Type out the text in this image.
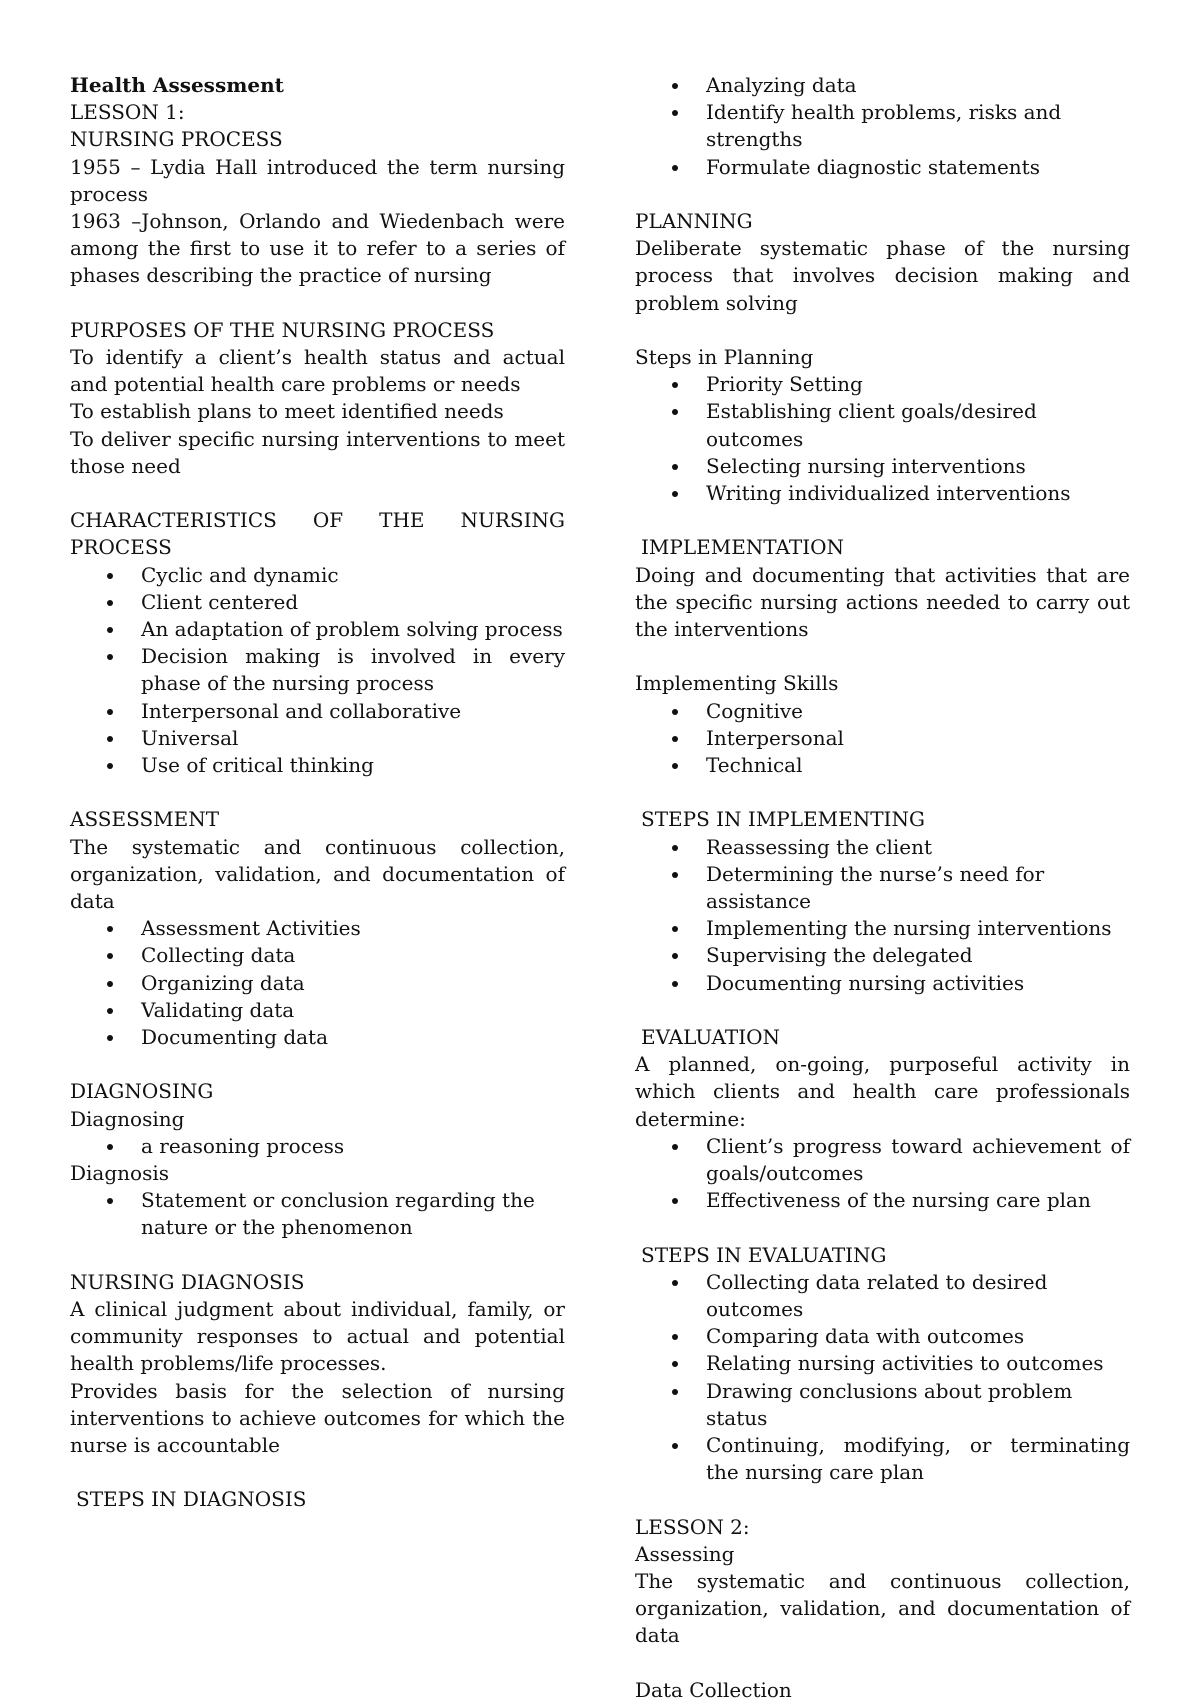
Health Assessment

LESSON 1:

NURSING PROCESS

1955 – Lydia Hall introduced the term nursing process

1963 –Johnson, Orlando and Wiedenbach were among the first to use it to refer to a series of phases describing the practice of nursing

PURPOSES OF THE NURSING PROCESS

To identify a client’s health status and actual and potential health care problems or needs

To establish plans to meet identified needs

To deliver specific nursing interventions to meet those need

CHARACTERISTICS OF THE NURSING PROCESS

Cyclic and dynamic
Client centered
An adaptation of problem solving process
Decision making is involved in every phase of the nursing process
Interpersonal and collaborative
Universal
Use of critical thinking

ASSESSMENT

The systematic and continuous collection, organization, validation, and documentation of data

Assessment Activities
Collecting data
Organizing data
Validating data
Documenting data

DIAGNOSING

Diagnosing

a reasoning process

Diagnosis

Statement or conclusion regarding the nature or the phenomenon

NURSING DIAGNOSIS

A clinical judgment about individual, family, or community responses to actual and potential health problems/life processes.

Provides basis for the selection of nursing interventions to achieve outcomes for which the nurse is accountable

STEPS IN DIAGNOSIS

Analyzing data
Identify health problems, risks and strengths
Formulate diagnostic statements

PLANNING

Deliberate systematic phase of the nursing process that involves decision making and problem solving

Steps in Planning

Priority Setting
Establishing client goals/desired outcomes
Selecting nursing interventions
Writing individualized interventions

IMPLEMENTATION

Doing and documenting that activities that are the specific nursing actions needed to carry out the interventions

Implementing Skills

Cognitive
Interpersonal
Technical

STEPS IN IMPLEMENTING

Reassessing the client
Determining the nurse’s need for assistance
Implementing the nursing interventions
Supervising the delegated
Documenting nursing activities

EVALUATION

A planned, on-going, purposeful activity in which clients and health care professionals determine:

Client’s progress toward achievement of goals/outcomes
Effectiveness of the nursing care plan

STEPS IN EVALUATING

Collecting data related to desired outcomes
Comparing data with outcomes
Relating nursing activities to outcomes
Drawing conclusions about problem status
Continuing, modifying, or terminating the nursing care plan

LESSON 2:

Assessing

The systematic and continuous collection, organization, validation, and documentation of data

Data Collection
